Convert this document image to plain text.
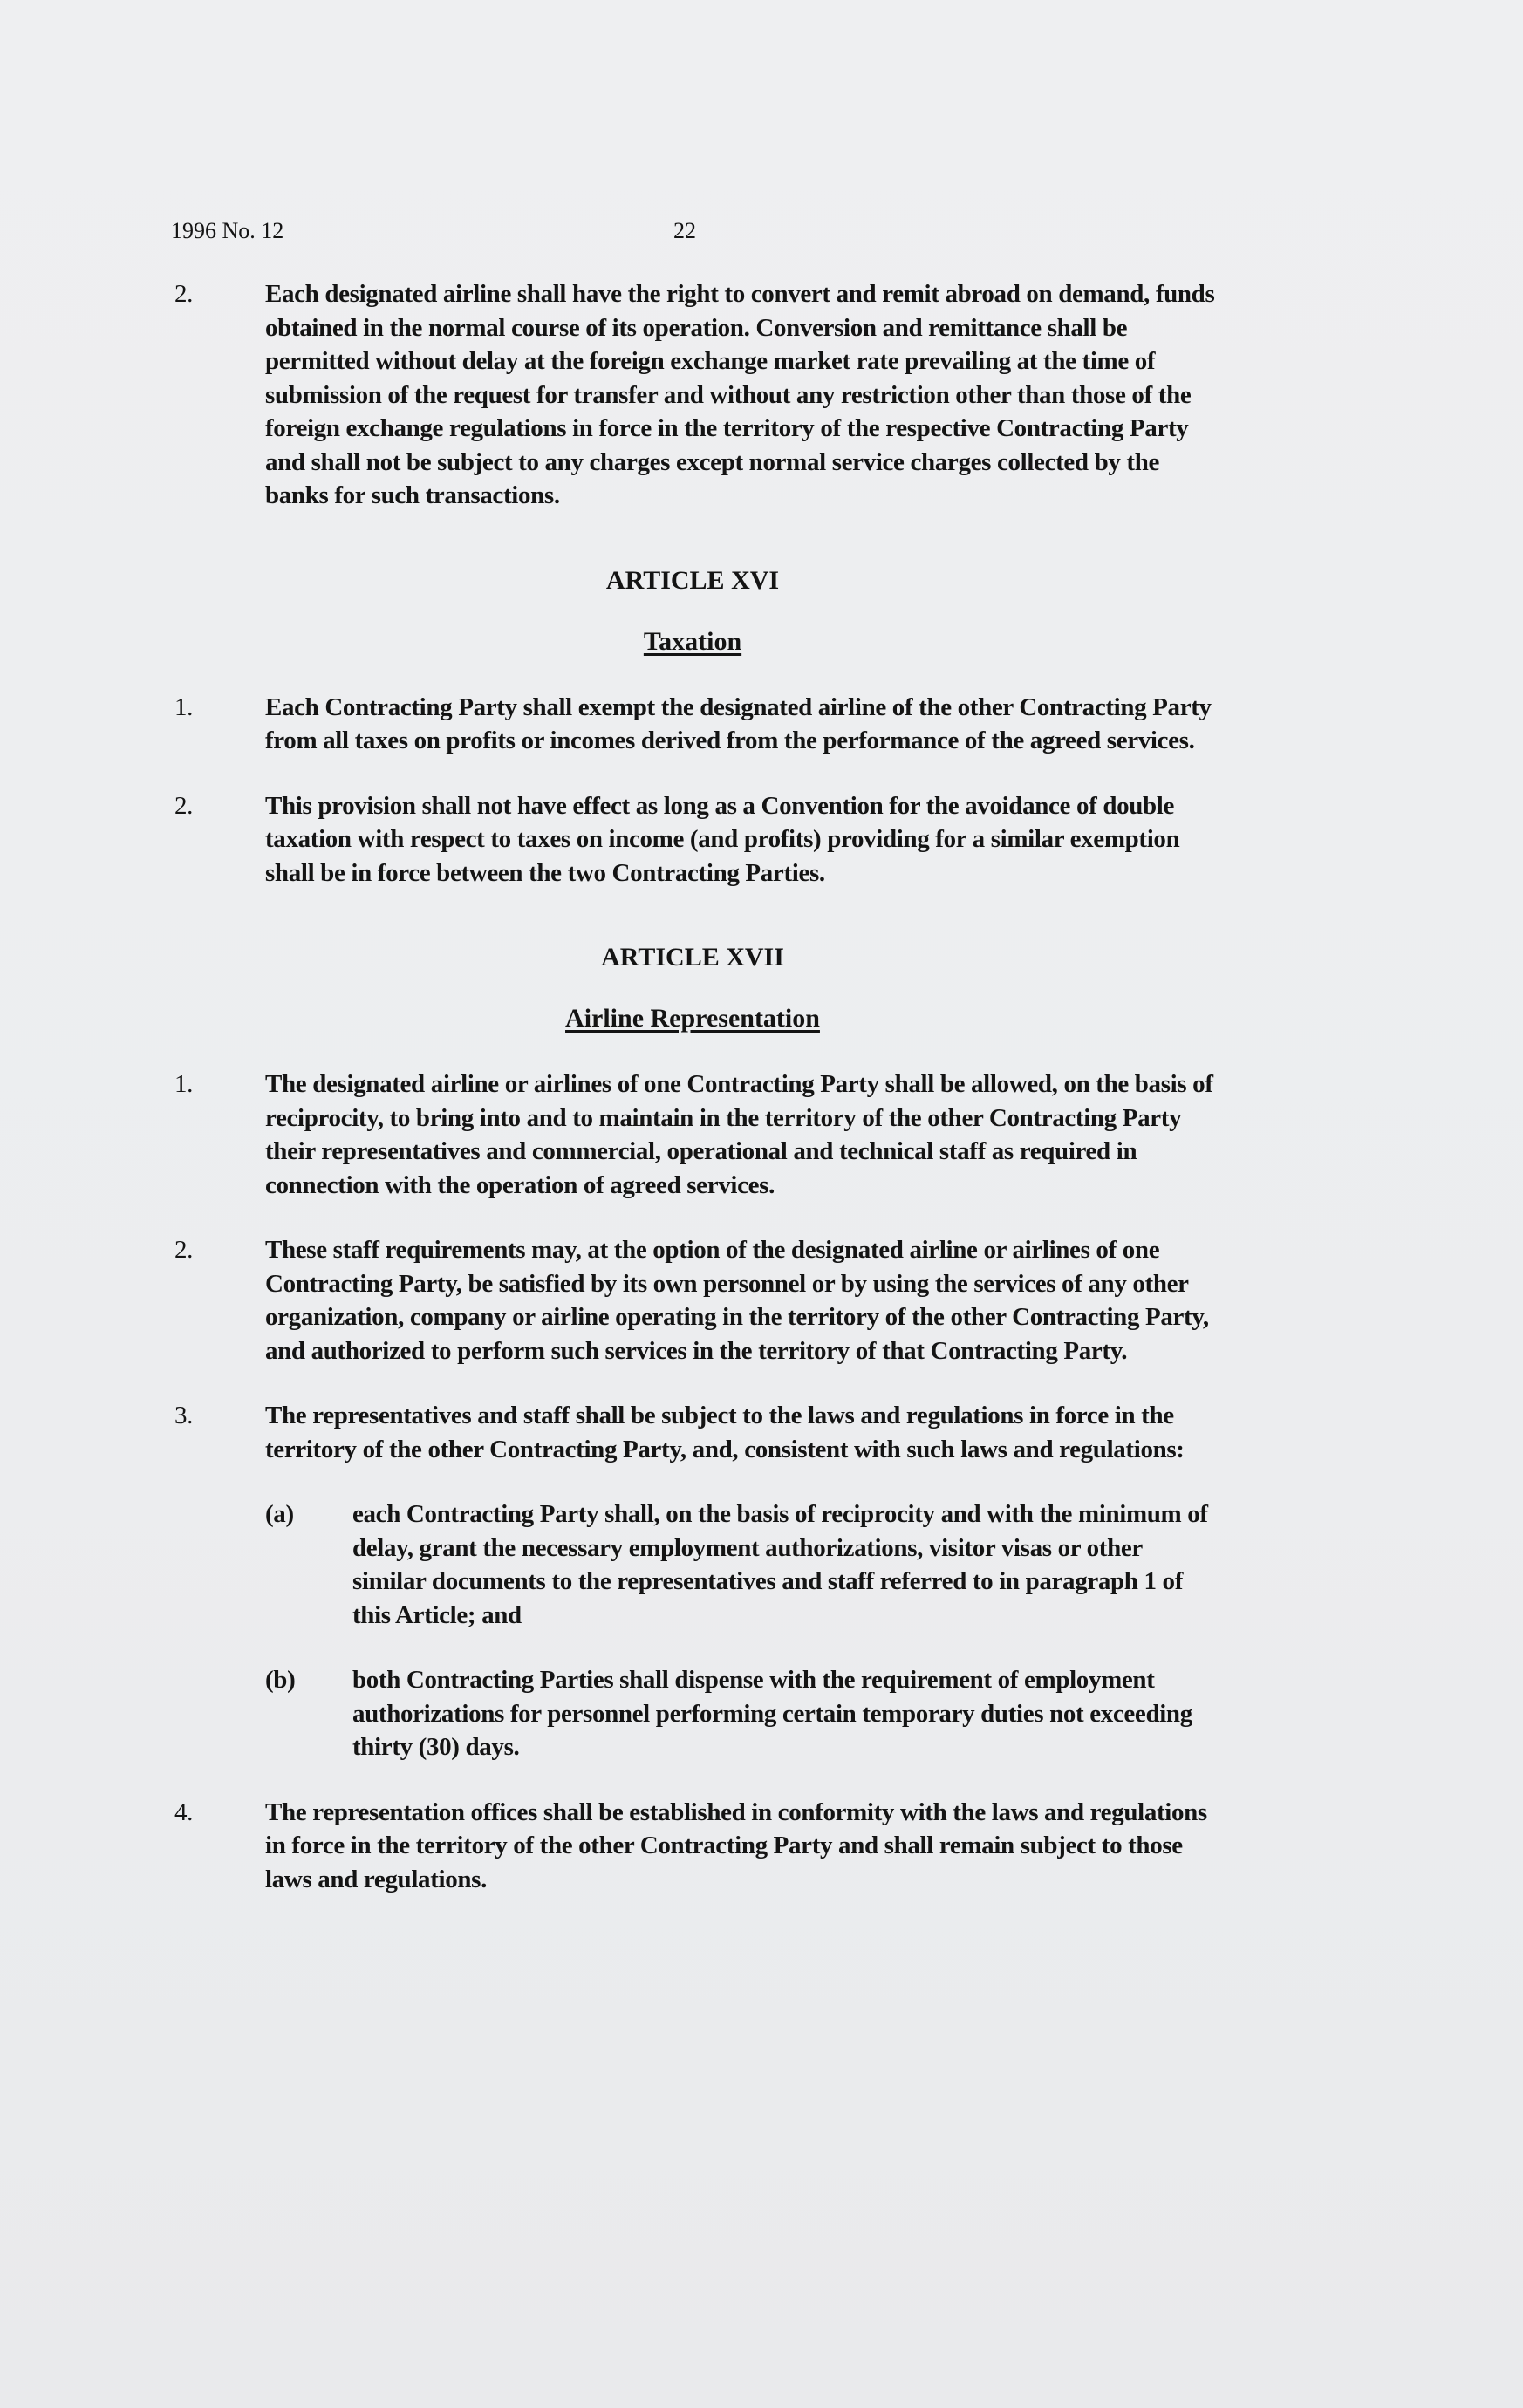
1996 No. 12	22
2.	Each designated airline shall have the right to convert and remit abroad on demand, funds obtained in the normal course of its operation. Conversion and remittance shall be permitted without delay at the foreign exchange market rate prevailing at the time of submission of the request for transfer and without any restriction other than those of the foreign exchange regulations in force in the territory of the respective Contracting Party and shall not be subject to any charges except normal service charges collected by the banks for such transactions.
ARTICLE XVI
Taxation
1.	Each Contracting Party shall exempt the designated airline of the other Contracting Party from all taxes on profits or incomes derived from the performance of the agreed services.
2.	This provision shall not have effect as long as a Convention for the avoidance of double taxation with respect to taxes on income (and profits) providing for a similar exemption shall be in force between the two Contracting Parties.
ARTICLE XVII
Airline Representation
1.	The designated airline or airlines of one Contracting Party shall be allowed, on the basis of reciprocity, to bring into and to maintain in the territory of the other Contracting Party their representatives and commercial, operational and technical staff as required in connection with the operation of agreed services.
2.	These staff requirements may, at the option of the designated airline or airlines of one Contracting Party, be satisfied by its own personnel or by using the services of any other organization, company or airline operating in the territory of the other Contracting Party, and authorized to perform such services in the territory of that Contracting Party.
3.	The representatives and staff shall be subject to the laws and regulations in force in the territory of the other Contracting Party, and, consistent with such laws and regulations:
(a)	each Contracting Party shall, on the basis of reciprocity and with the minimum of delay, grant the necessary employment authorizations, visitor visas or other similar documents to the representatives and staff referred to in paragraph 1 of this Article; and
(b)	both Contracting Parties shall dispense with the requirement of employment authorizations for personnel performing certain temporary duties not exceeding thirty (30) days.
4.	The representation offices shall be established in conformity with the laws and regulations in force in the territory of the other Contracting Party and shall remain subject to those laws and regulations.
